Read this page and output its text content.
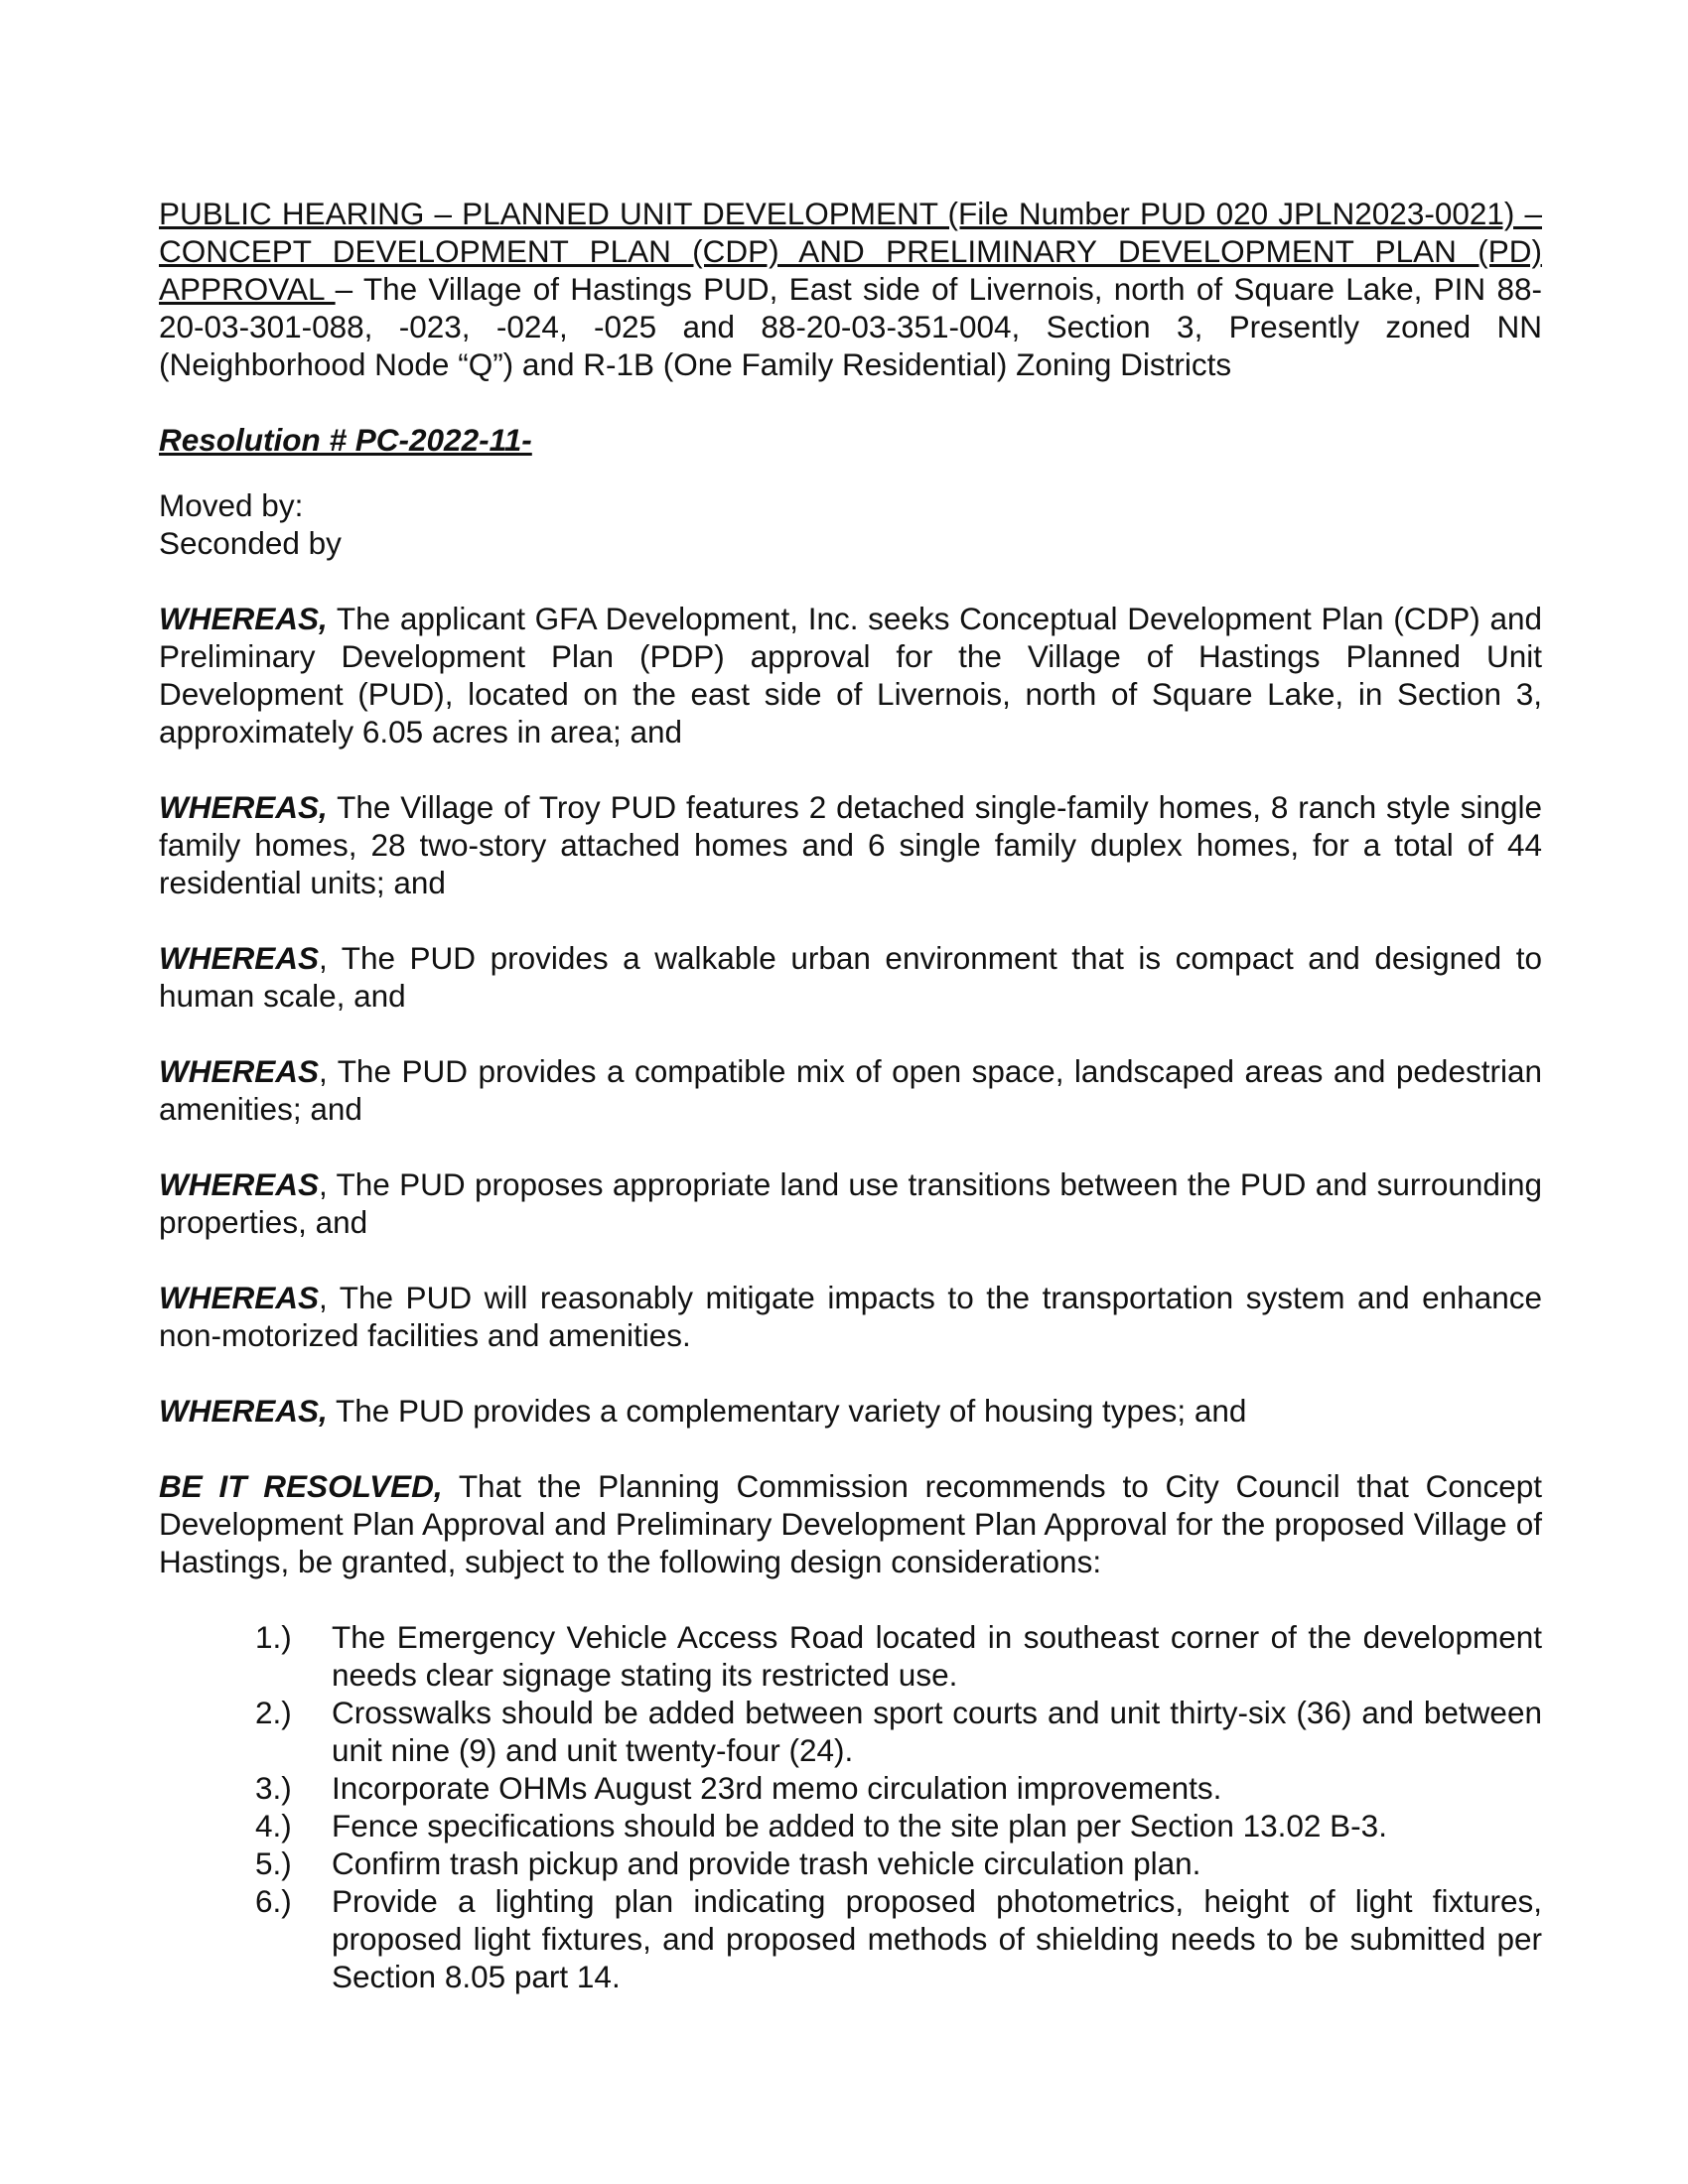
PUBLIC HEARING – PLANNED UNIT DEVELOPMENT (File Number PUD 020 JPLN2023-0021) – CONCEPT DEVELOPMENT PLAN (CDP) AND PRELIMINARY DEVELOPMENT PLAN (PD) APPROVAL – The Village of Hastings PUD, East side of Livernois, north of Square Lake, PIN 88-20-03-301-088, -023, -024, -025 and 88-20-03-351-004, Section 3, Presently zoned NN (Neighborhood Node “Q”) and R-1B (One Family Residential) Zoning Districts

Resolution # PC-2022-11-

Moved by:

Seconded by

WHEREAS, The applicant GFA Development, Inc. seeks Conceptual Development Plan (CDP) and Preliminary Development Plan (PDP) approval for the Village of Hastings Planned Unit Development (PUD), located on the east side of Livernois, north of Square Lake, in Section 3, approximately 6.05 acres in area; and

WHEREAS, The Village of Troy PUD features 2 detached single-family homes, 8 ranch style single family homes, 28 two-story attached homes and 6 single family duplex homes, for a total of 44 residential units; and

WHEREAS, The PUD provides a walkable urban environment that is compact and designed to human scale, and

WHEREAS, The PUD provides a compatible mix of open space, landscaped areas and pedestrian amenities; and

WHEREAS, The PUD proposes appropriate land use transitions between the PUD and surrounding properties, and

WHEREAS, The PUD will reasonably mitigate impacts to the transportation system and enhance non-motorized facilities and amenities.

WHEREAS, The PUD provides a complementary variety of housing types; and

BE IT RESOLVED, That the Planning Commission recommends to City Council that Concept Development Plan Approval and Preliminary Development Plan Approval for the proposed Village of Hastings, be granted, subject to the following design considerations:

1.) The Emergency Vehicle Access Road located in southeast corner of the development needs clear signage stating its restricted use.
2.) Crosswalks should be added between sport courts and unit thirty-six (36) and between unit nine (9) and unit twenty-four (24).
3.) Incorporate OHMs August 23rd memo circulation improvements.
4.) Fence specifications should be added to the site plan per Section 13.02 B-3.
5.) Confirm trash pickup and provide trash vehicle circulation plan.
6.) Provide a lighting plan indicating proposed photometrics, height of light fixtures, proposed light fixtures, and proposed methods of shielding needs to be submitted per Section 8.05 part 14.
